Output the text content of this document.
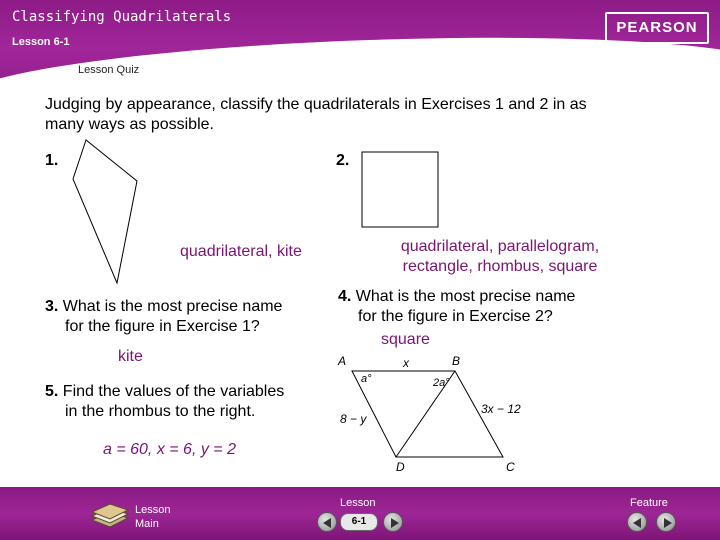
Classifying Quadrilaterals
Lesson 6-1
PEARSON
Geometry
Lesson Quiz
Judging by appearance, classify the quadrilaterals in Exercises 1 and 2 in as many ways as possible.
1.	2.
A	B
C
D
x
a°	2a°
3x − 12
8 − y
quadrilateral, kite	quadrilateral, parallelogram, rectangle, rhombus, square
3. What is the most precise name
for the figure in Exercise 1?
kite
4. What is the most precise name
for the figure in Exercise 2?
square
5. Find the values of the variables
in the rhombus to the right.
a = 60, x = 6, y = 2
Lesson
Main
Lesson
6-1
Feature
